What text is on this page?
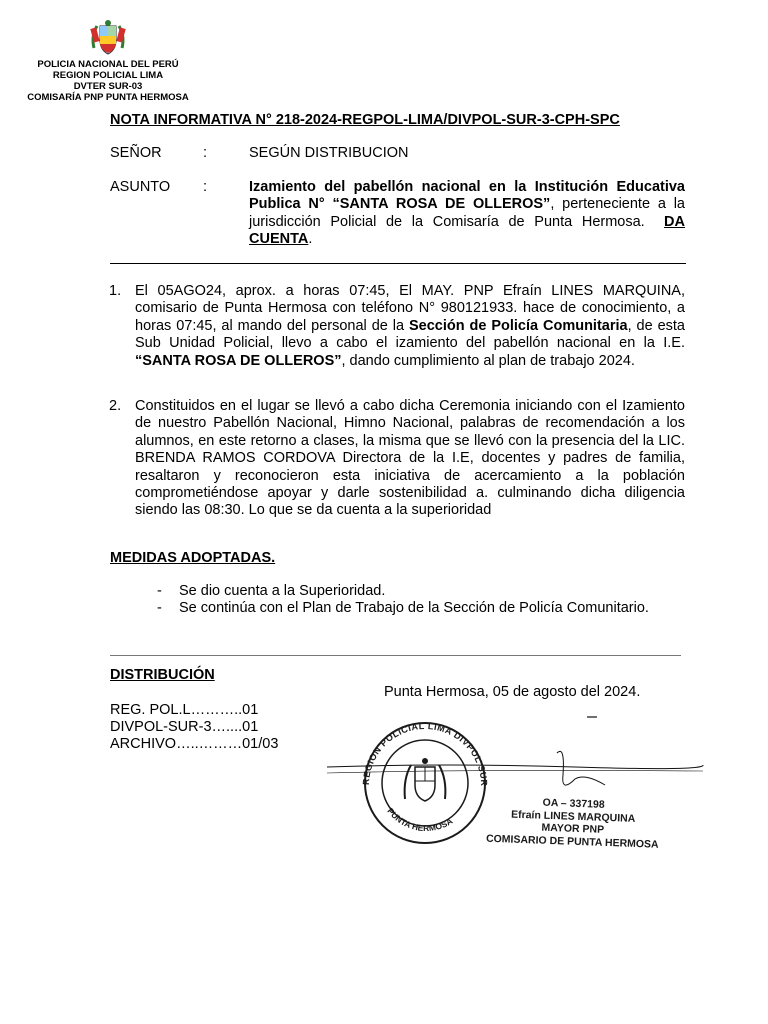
POLICIA NACIONAL DEL PERÚ
REGION POLICIAL LIMA
DVTER SUR-03
COMISARÍA PNP PUNTA HERMOSA
NOTA INFORMATIVA N° 218-2024-REGPOL-LIMA/DIVPOL-SUR-3-CPH-SPC
SEÑOR	:	SEGÚN DISTRIBUCION
ASUNTO :	Izamiento del pabellón nacional en la Institución Educativa Publica N° “SANTA ROSA DE OLLEROS”, perteneciente a la jurisdicción Policial de la Comisaría de Punta Hermosa. DA CUENTA.
1. El 05AGO24, aprox. a horas 07:45, El MAY. PNP Efraín LINES MARQUINA, comisario de Punta Hermosa con teléfono N° 980121933. hace de conocimiento, a horas 07:45, al mando del personal de la Sección de Policía Comunitaria, de esta Sub Unidad Policial, llevo a cabo el izamiento del pabellón nacional en la I.E. “SANTA ROSA DE OLLEROS”, dando cumplimiento al plan de trabajo 2024.
2. Constituidos en el lugar se llevó a cabo dicha Ceremonia iniciando con el Izamiento de nuestro Pabellón Nacional, Himno Nacional, palabras de recomendación a los alumnos, en este retorno a clases, la misma que se llevó con la presencia del la LIC. BRENDA RAMOS CORDOVA Directora de la I.E, docentes y padres de familia, resaltaron y reconocieron esta iniciativa de acercamiento a la población comprometiéndose apoyar y darle sostenibilidad a. culminando dicha diligencia siendo las 08:30. Lo que se da cuenta a la superioridad
MEDIDAS ADOPTADAS.
- Se dio cuenta a la Superioridad.
- Se continúa con el Plan de Trabajo de la Sección de Policía Comunitario.
DISTRIBUCIÓN
REG. POL.L………..01
DIVPOL-SUR-3…....01
ARCHIVO…..………01/03
Punta Hermosa, 05 de agosto del 2024.
REGION POLICIAL LIMA DIVPOL SUR
PUNTA HERMOSA
OA – 337198
Efraín LINES MARQUINA
MAYOR PNP
COMISARIO DE PUNTA HERMOSA
